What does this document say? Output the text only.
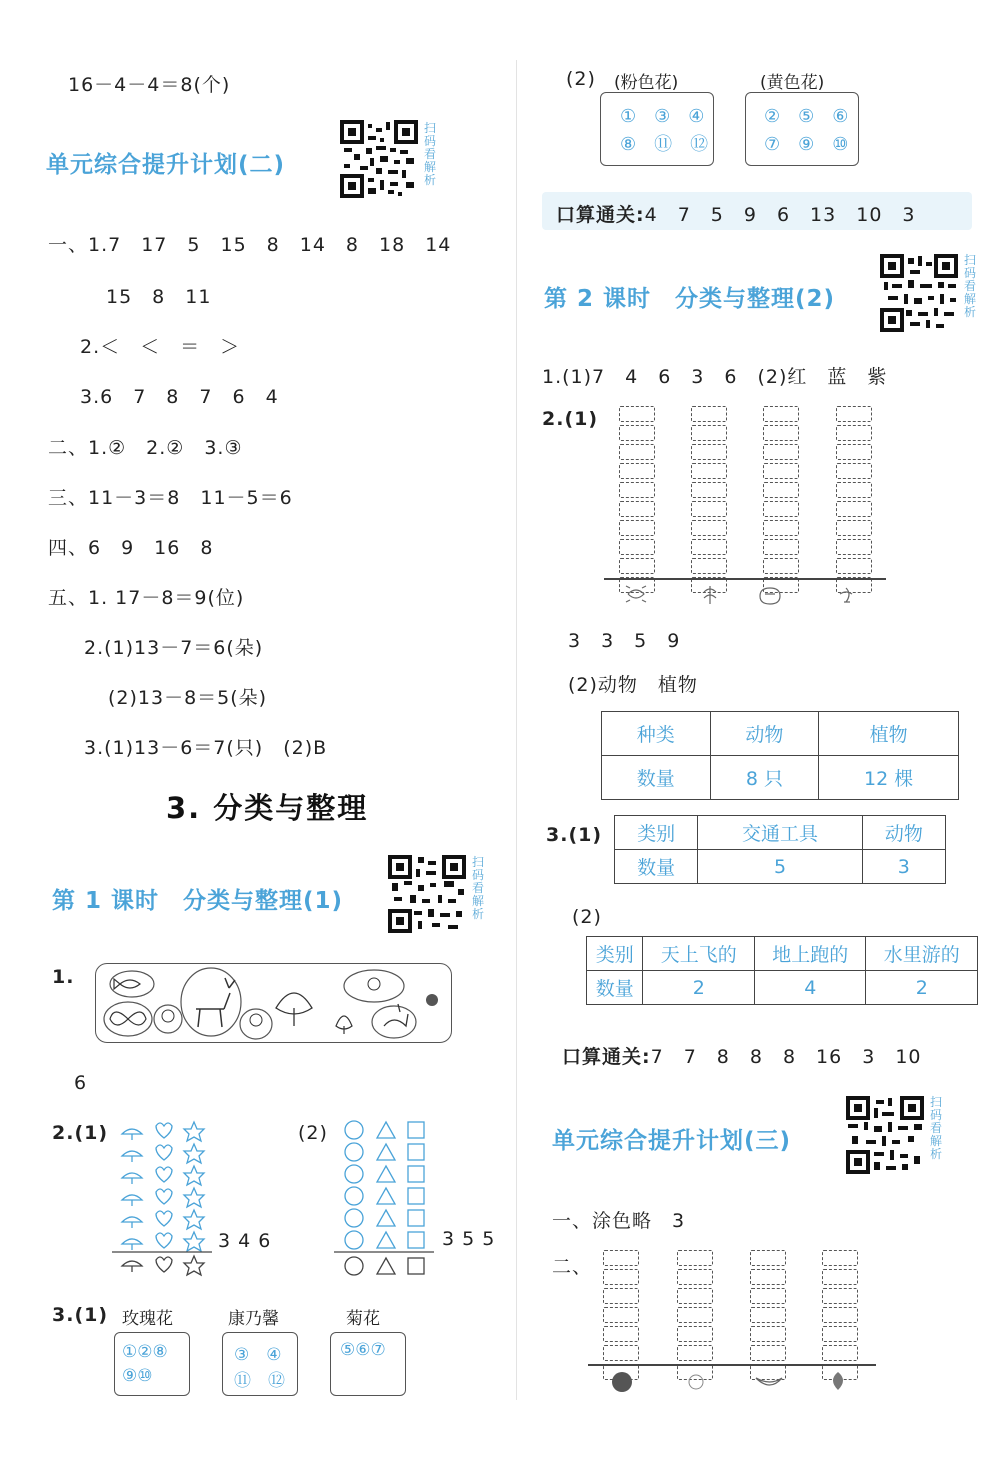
16－4－4＝8(个)
单元综合提升计划(二)
扫码看解析
一、1.7　17　5　15　8　14　8　18　14
15　8　11
2.＜　＜　＝　＞
3.6　7　8　7　6　4
二、1.②　2.②　3.③
三、11－3＝8　11－5＝6
四、6　9　16　8
五、1. 17－8＝9(位)
2.(1)13－7＝6(朵)
(2)13－8＝5(朵)
3.(1)13－6＝7(只)　(2)B
3. 分类与整理
第 1 课时　分类与整理(1)
扫码看解析
1.
6
2.(1)
3 4 6
(2)
3 5 5
3.(1) 玫瑰花	康乃馨	菊花
①②⑧
⑨⑩
③　④
⑪　⑫
⑤⑥⑦
(2) (粉色花)	(黄色花)
①　③　④
⑧　⑪　⑫
②　⑤　⑥
⑦　⑨　⑩
口算通关:4　7　5　9　6　13　10　3
第 2 课时　分类与整理(2)
扫码看解析
1.(1)7　4　6　3　6　(2)红　蓝　紫
2.(1)
3　3　5　9
(2)动物　植物
种类	动物	植物
数量	8 只	12 棵
3.(1) 类别	交通工具	动物
数量	5	3
(2)
类别	天上飞的	地上跑的	水里游的
数量	2	4	2
口算通关:7　7　8　8　8　16　3　10
单元综合提升计划(三)
扫码看解析
一、涂色略　3
二、
